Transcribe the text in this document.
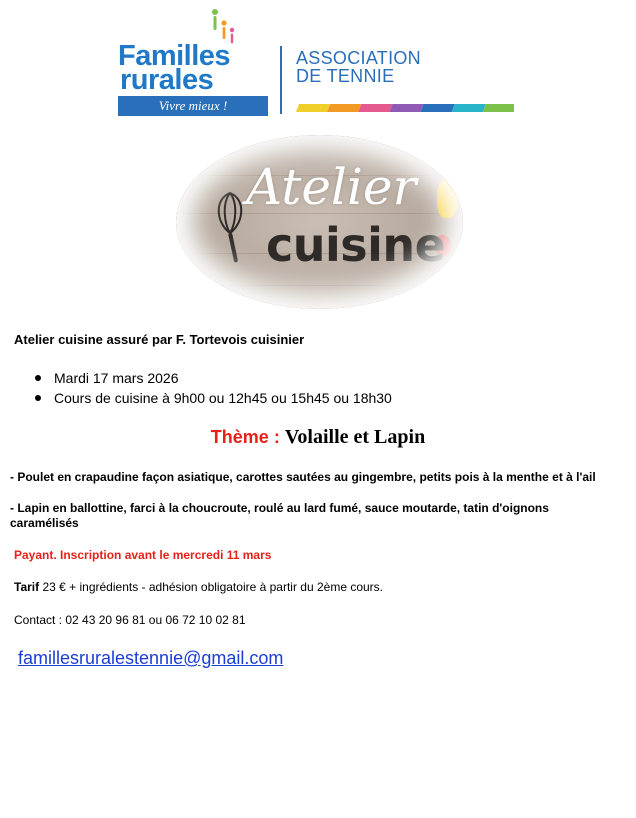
Familles
rurales
Vivre mieux !
ASSOCIATION
DE TENNIE
Atelier
cuisine
Atelier cuisine assuré par F. Tortevois cuisinier
Mardi 17 mars 2026
Cours de cuisine à 9h00 ou 12h45 ou 15h45 ou 18h30
Thème : Volaille et Lapin
- Poulet en crapaudine façon asiatique, carottes sautées au gingembre, petits pois à la menthe et à l'ail
- Lapin en ballottine, farci à la choucroute, roulé au lard fumé, sauce moutarde, tatin d'oignons caramélisés
Payant. Inscription avant le mercredi 11 mars
Tarif 23 € + ingrédients - adhésion obligatoire à partir du 2ème cours.
Contact : 02 43 20 96 81 ou 06 72 10 02 81
famillesruralestennie@gmail.com
